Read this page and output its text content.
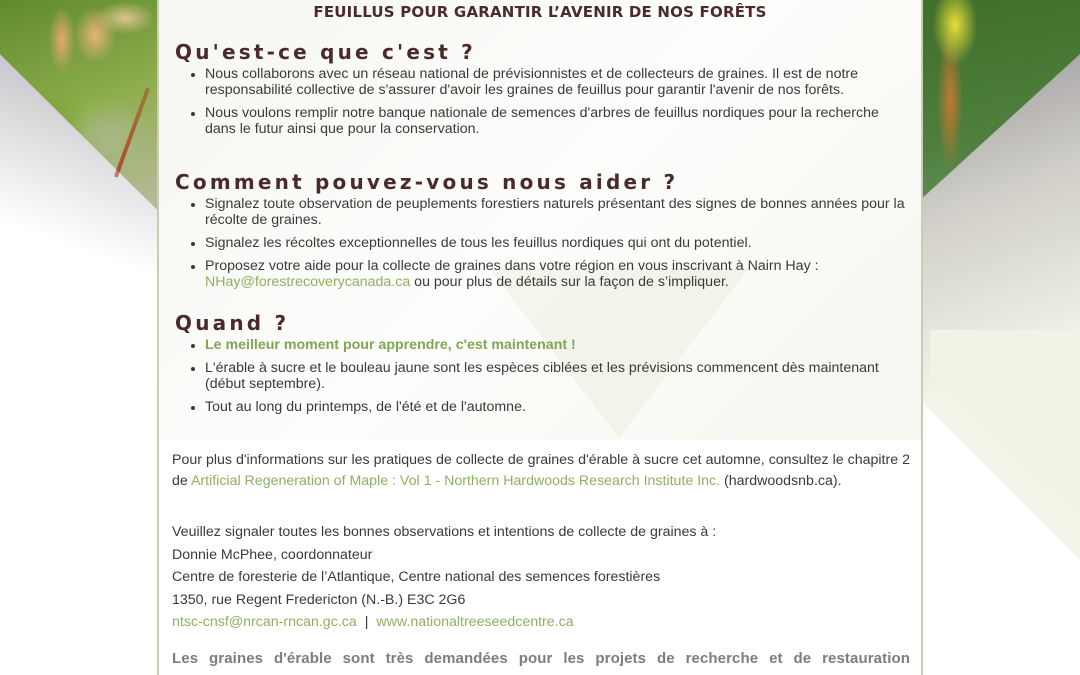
FEUILLUS POUR GARANTIR L’AVENIR DE NOS FORÊTS
Qu'est-ce que c'est ?
Nous collaborons avec un réseau national de prévisionnistes et de collecteurs de graines. Il est de notre responsabilité collective de s'assurer d'avoir les graines de feuillus pour garantir l'avenir de nos forêts.
Nous voulons remplir notre banque nationale de semences d'arbres de feuillus nordiques pour la recherche dans le futur ainsi que pour la conservation.
Comment pouvez-vous nous aider ?
Signalez toute observation de peuplements forestiers naturels présentant des signes de bonnes années pour la récolte de graines.
Signalez les récoltes exceptionnelles de tous les feuillus nordiques qui ont du potentiel.
Proposez votre aide pour la collecte de graines dans votre région en vous inscrivant à Nairn Hay : NHay@forestrecoverycanada.ca ou pour plus de détails sur la façon de s’impliquer.
Quand ?
Le meilleur moment pour apprendre, c'est maintenant !
L'érable à sucre et le bouleau jaune sont les espèces ciblées et les prévisions commencent dès maintenant (début septembre).
Tout au long du printemps, de l'été et de l'automne.
Pour plus d'informations sur les pratiques de collecte de graines d'érable à sucre cet automne, consultez le chapitre 2 de Artificial Regeneration of Maple : Vol 1 - Northern Hardwoods Research Institute Inc. (hardwoodsnb.ca).
Veuillez signaler toutes les bonnes observations et intentions de collecte de graines à :
Donnie McPhee, coordonnateur
Centre de foresterie de l’Atlantique, Centre national des semences forestières
1350, rue Regent Fredericton (N.-B.) E3C 2G6
ntsc-cnsf@nrcan-rncan.gc.ca | www.nationaltreeseedcentre.ca
Les graines d'érable sont très demandées pour les projets de recherche et de restauration
